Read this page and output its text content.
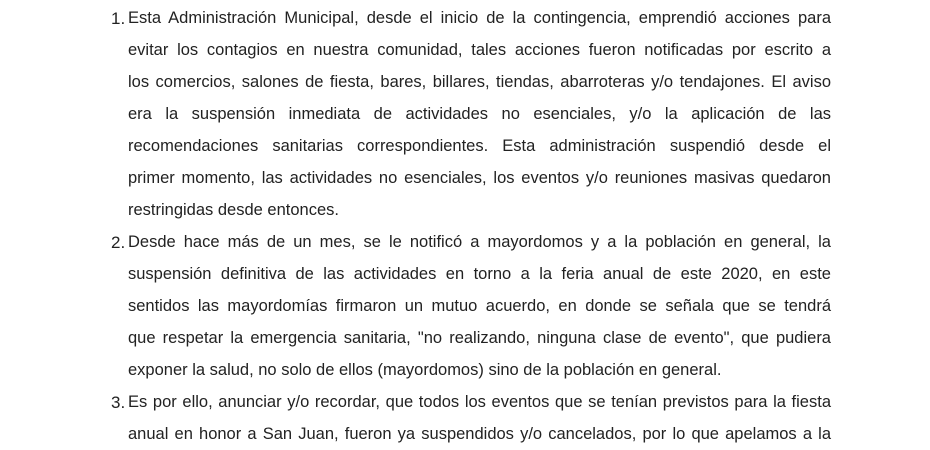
1. Esta Administración Municipal, desde el inicio de la contingencia, emprendió acciones para
evitar los contagios en nuestra comunidad, tales acciones fueron notificadas por escrito a
los comercios, salones de fiesta, bares, billares, tiendas, abarroteras y/o tendajones. El aviso
era la suspensión inmediata de actividades no esenciales, y/o la aplicación de las
recomendaciones sanitarias correspondientes. Esta administración suspendió desde el
primer momento, las actividades no esenciales, los eventos y/o reuniones masivas quedaron
restringidas desde entonces.
2. Desde hace más de un mes, se le notificó a mayordomos y a la población en general, la
suspensión definitiva de las actividades en torno a la feria anual de este 2020, en este
sentidos las mayordomías firmaron un mutuo acuerdo, en donde se señala que se tendrá
que respetar la emergencia sanitaria, "no realizando, ninguna clase de evento", que pudiera
exponer la salud, no solo de ellos (mayordomos) sino de la población en general.
3. Es por ello, anunciar y/o recordar, que todos los eventos que se tenían previstos para la fiesta
anual en honor a San Juan, fueron ya suspendidos y/o cancelados, por lo que apelamos a la
